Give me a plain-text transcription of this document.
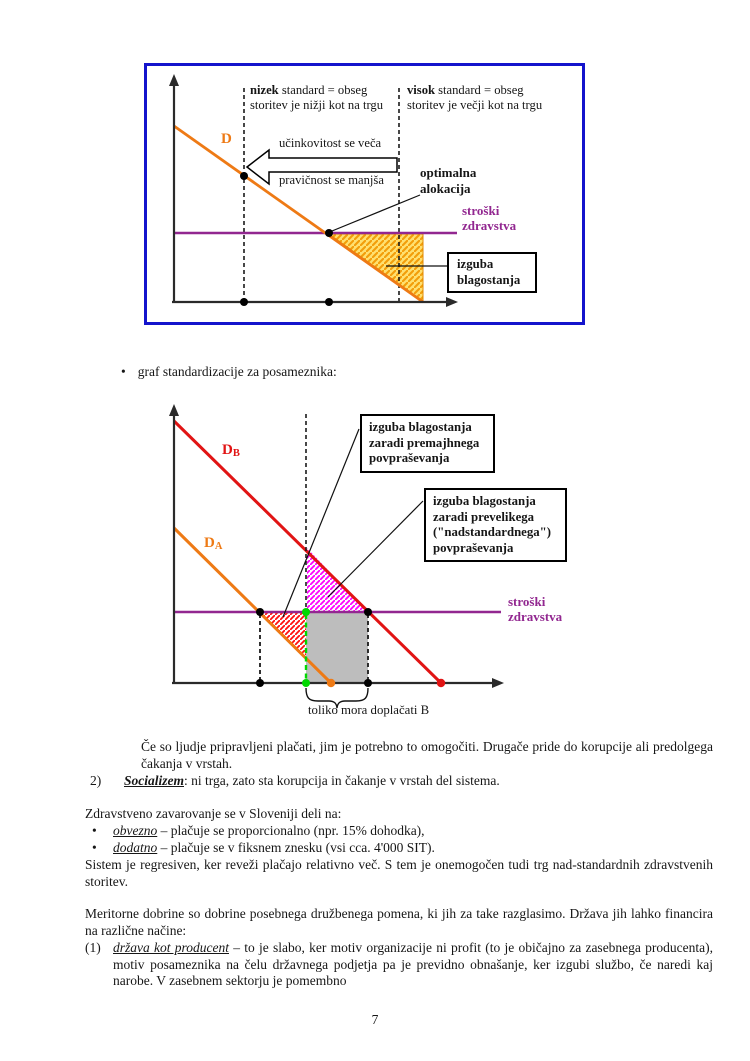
nizek standard = obseg
storitev je nižji kot na trgu
visok standard = obseg
storitev je večji kot na trgu
D	učinkovitost se veča
pravičnost se manjša	optimalna
alokacija
stroški
zdravstva
izguba
blagostanja
• graf standardizacije za posameznika:
DB
DA
izguba blagostanja
zaradi premajhnega
povpraševanja
izguba blagostanja
zaradi prevelikega
("nadstandardnega")
povpraševanja
stroški
zdravstva
toliko mora doplačati B
Če so ljudje pripravljeni plačati, jim je potrebno to omogočiti. Drugače pride do korupcije ali predolgega čakanja v vrstah.
2) Socializem: ni trga, zato sta korupcija in čakanje v vrstah del sistema.
Zdravstveno zavarovanje se v Sloveniji deli na:
• obvezno – plačuje se proporcionalno (npr. 15% dohodka),
• dodatno – plačuje se v fiksnem znesku (vsi cca. 4'000 SIT).
Sistem je regresiven, ker reveži plačajo relativno več. S tem je onemogočen tudi trg nad-standardnih zdravstvenih storitev.
Meritorne dobrine so dobrine posebnega družbenega pomena, ki jih za take razglasimo. Država jih lahko financira na različne načine:
(1) država kot producent – to je slabo, ker motiv organizacije ni profit (to je običajno za zasebnega producenta), motiv posameznika na čelu državnega podjetja pa je previdno obnašanje, ker izgubi službo, če naredi kaj narobe. V zasebnem sektorju je pomembno
7
